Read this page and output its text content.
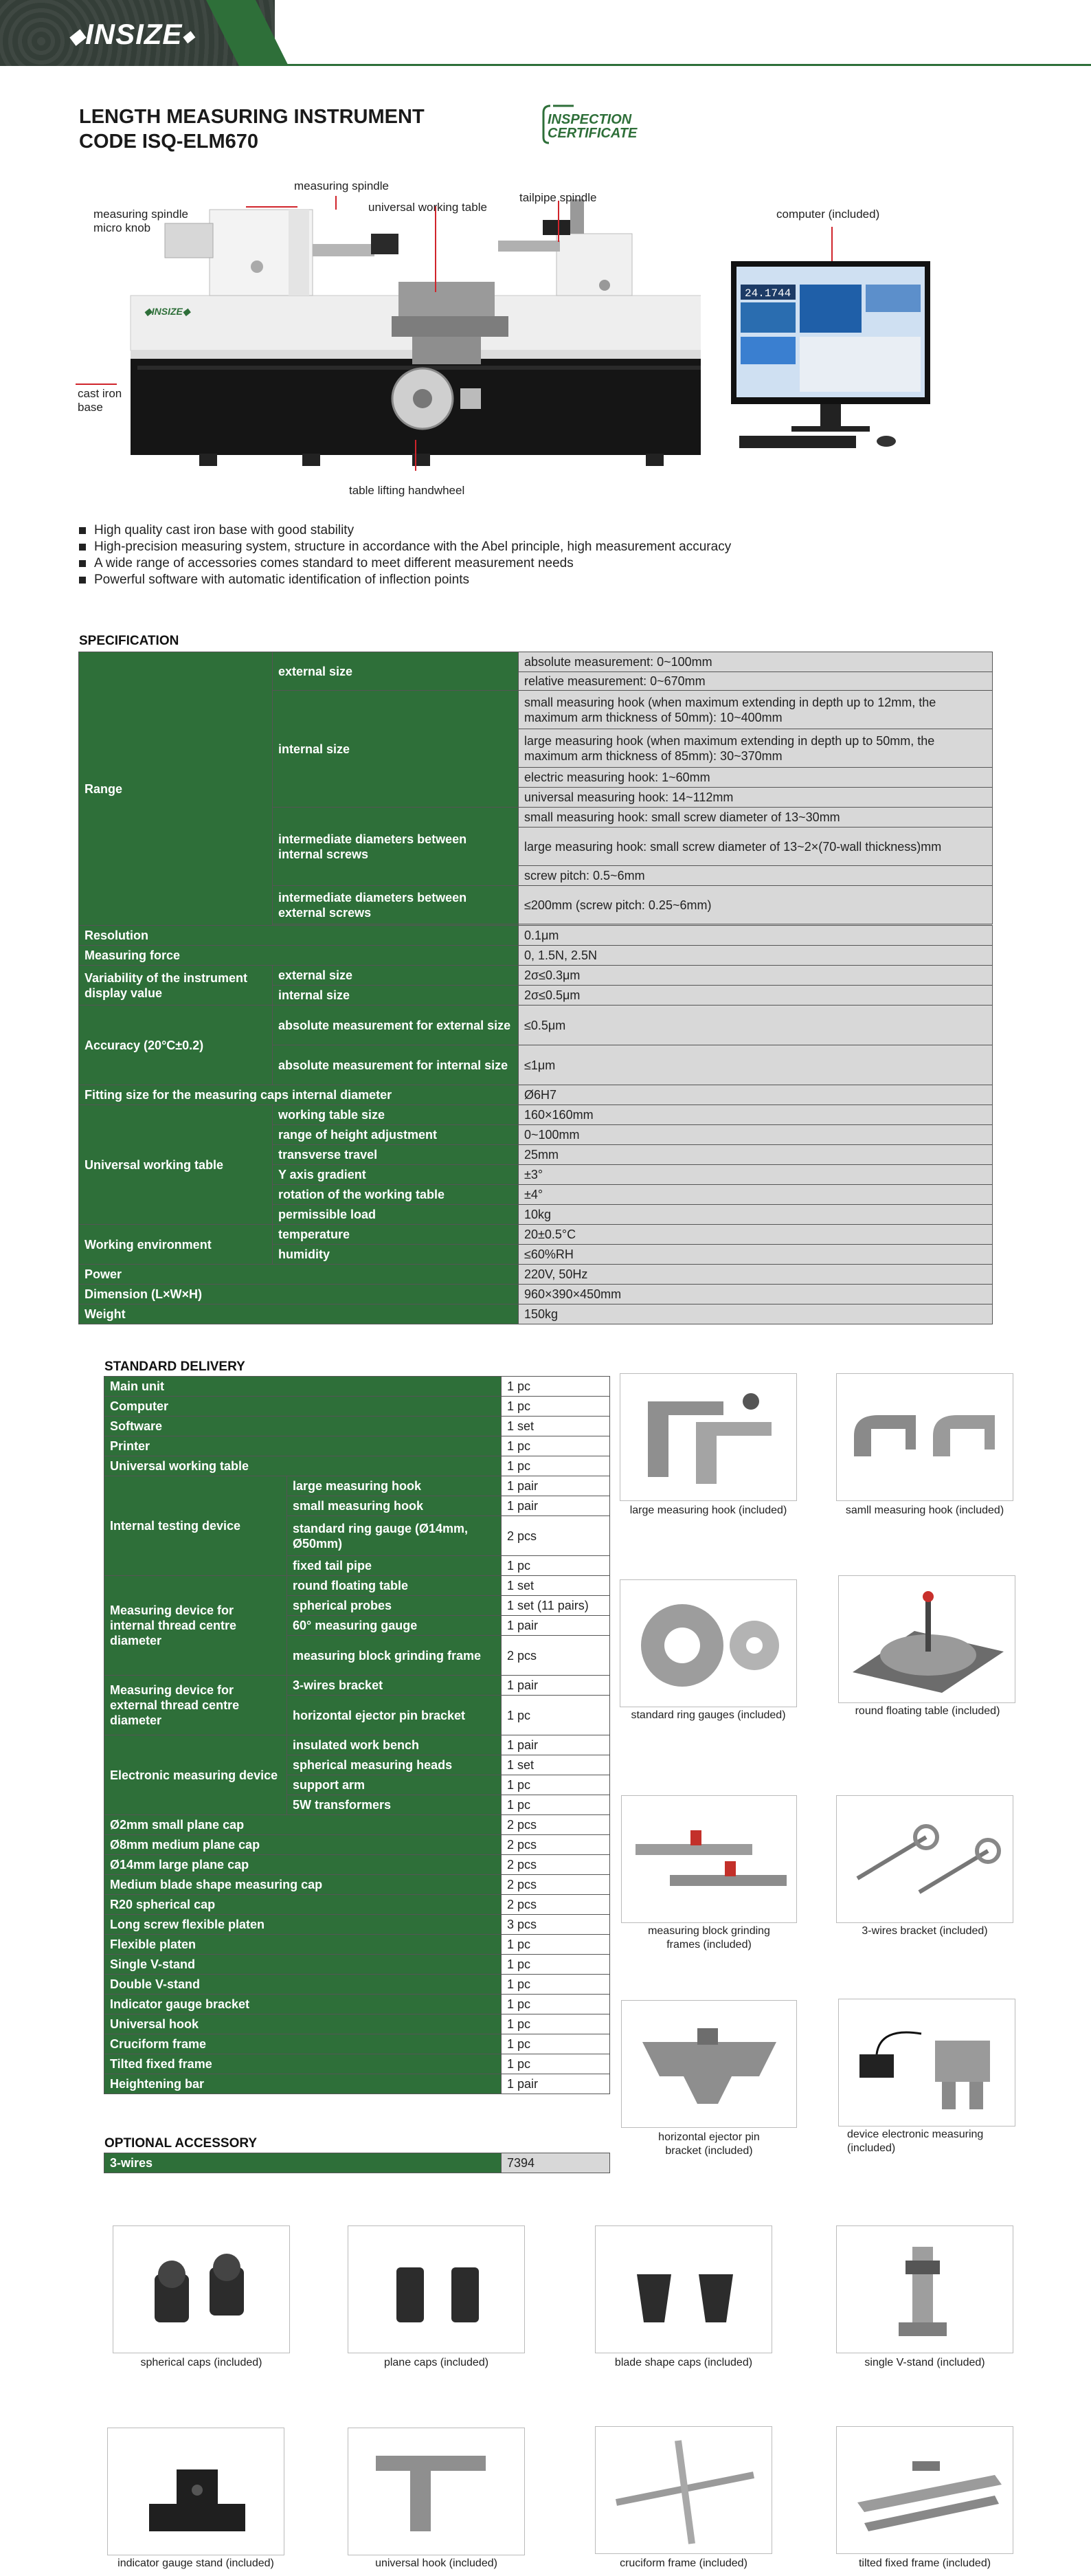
◆INSIZE◆
LENGTH MEASURING INSTRUMENT
CODE ISQ-ELM670
INSPECTION
CERTIFICATE
◆INSIZE◆
measuring spindle
measuring spindle
micro knob
universal working table
tailpipe spindle
cast iron
base
table lifting handwheel
computer (included)
24.1744
High quality cast iron base with good stability
High-precision measuring system, structure in accordance with the Abel principle, high measurement accuracy
A wide range of accessories comes standard to meet different measurement needs
Powerful software with automatic identification of inflection points
SPECIFICATION
Range	external size	absolute measurement: 0~100mm
		relative measurement: 0~670mm
	internal size	small measuring hook (when maximum extending in depth up to 12mm, the maximum arm thickness of 50mm): 10~400mm
		large measuring hook (when maximum extending in depth up to 50mm, the maximum arm thickness of 85mm): 30~370mm
		electric measuring hook: 1~60mm
		universal measuring hook: 14~112mm
	intermediate diameters between internal screws	small measuring hook: small screw diameter of 13~30mm
		large measuring hook: small screw diameter of 13~2×(70-wall thickness)mm
		screw pitch: 0.5~6mm
	intermediate diameters between external screws	≤200mm (screw pitch: 0.25~6mm)

Resolution		0.1μm
Measuring force		0, 1.5N, 2.5N
Variability of the instrument display value	external size	2σ≤0.3μm
	internal size	2σ≤0.5μm
Accuracy (20°C±0.2)	absolute measurement for external size	≤0.5μm
	absolute measurement for internal size	≤1μm
Fitting size for the measuring caps internal diameter		Ø6H7
Universal working table	working table size	160×160mm
	range of height adjustment	0~100mm
	transverse travel	25mm
	Y axis gradient	±3°
	rotation of the working table	±4°
	permissible load	10kg
Working environment	temperature	20±0.5°C
	humidity	≤60%RH
Power		220V, 50Hz
Dimension (L×W×H)		960×390×450mm
Weight		150kg
STANDARD DELIVERY
Main unit		1 pc
Computer		1 pc
Software		1 set
Printer		1 pc
Universal working table		1 pc
Internal testing device	large measuring hook	1 pair
	small measuring hook	1 pair
	standard ring gauge (Ø14mm, Ø50mm)	2 pcs
	fixed tail pipe	1 pc
Measuring device for internal thread centre diameter	round floating table	1 set
	spherical probes	1 set (11 pairs)
	60° measuring gauge	1 pair
	measuring block grinding frame	2 pcs
Measuring device for external thread centre diameter	3-wires bracket	1 pair
	horizontal ejector pin bracket	1 pc
Electronic measuring device	insulated work bench	1 pair
	spherical measuring heads	1 set
	support arm	1 pc
	5W transformers	1 pc
Ø2mm small plane cap		2 pcs
Ø8mm medium plane cap		2 pcs
Ø14mm large plane cap		2 pcs
Medium blade shape measuring cap		2 pcs
R20 spherical cap		2 pcs
Long screw flexible platen		3 pcs
Flexible platen		1 pc
Single V-stand		1 pc
Double V-stand		1 pc
Indicator gauge bracket		1 pc
Universal hook		1 pc
Cruciform frame		1 pc
Tilted fixed frame		1 pc
Heightening bar		1 pair
OPTIONAL ACCESSORY
3-wires	7394
large measuring hook (included)	samll measuring hook (included)
standard ring gauges (included)	round floating table (included)
measuring block grinding
frames (included)
3-wires bracket (included)
horizontal ejector pin
bracket (included)
device electronic measuring
(included)
spherical caps (included)	plane caps (included)	blade shape caps (included)	single V-stand (included)
indicator gauge stand (included)	universal hook (included)	cruciform frame (included)	tilted fixed frame (included)
